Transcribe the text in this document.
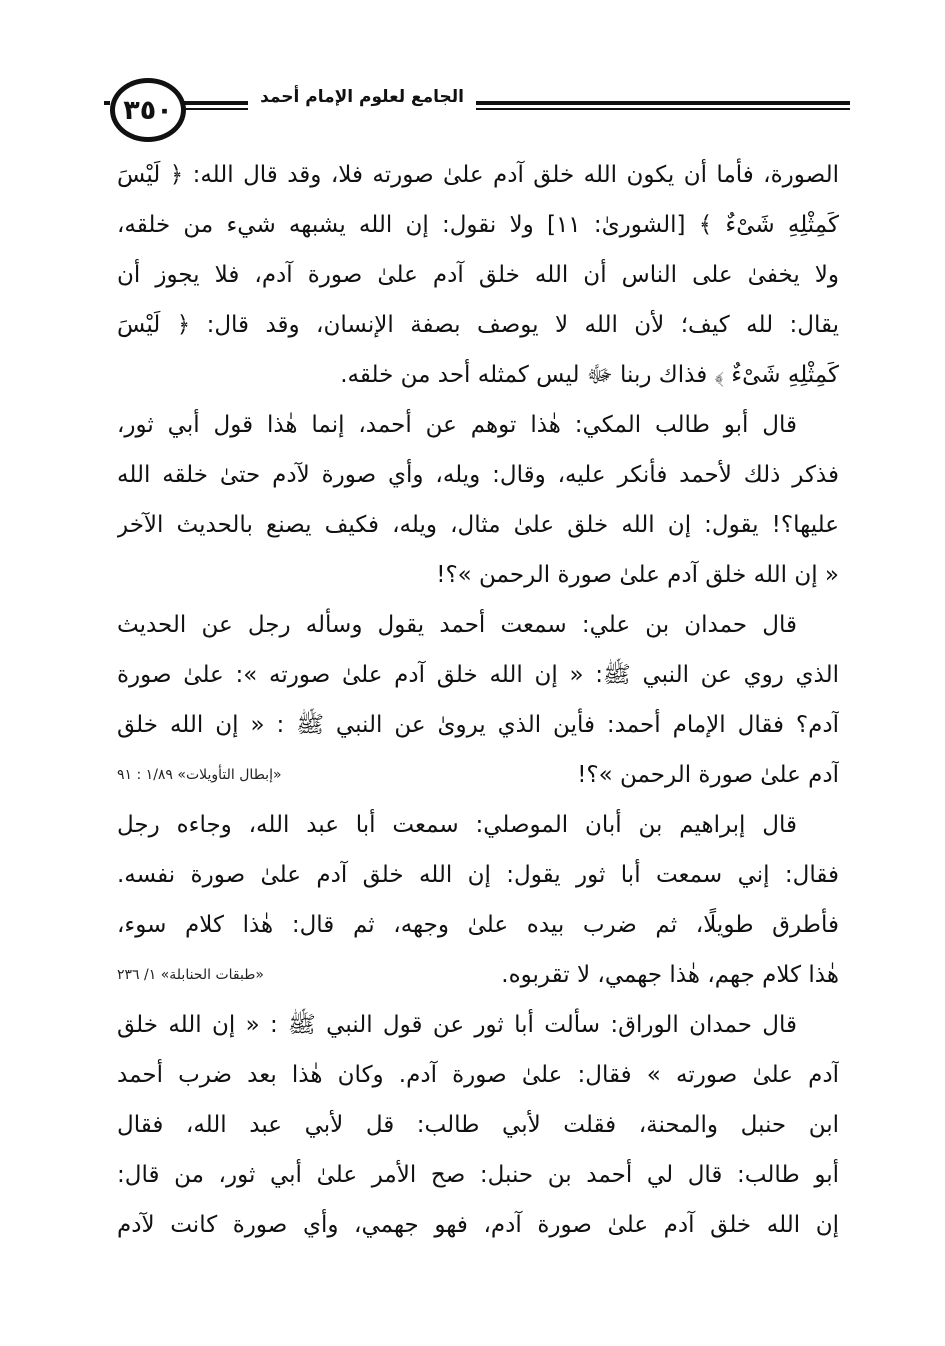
٣٥٠	الجامع لعلوم الإمام أحمد
الصورة، فأما أن يكون الله خلق آدم علىٰ صورته فلا، وقد قال الله: ﴿ لَيْسَ
كَمِثْلِهِ شَىْءٌ ﴾ [الشورىٰ: ١١] ولا نقول: إن الله يشبهه شيء من خلقه،
ولا يخفىٰ على الناس أن الله خلق آدم علىٰ صورة آدم، فلا يجوز أن
يقال: لله كيف؛ لأن الله لا يوصف بصفة الإنسان، وقد قال: ﴿ لَيْسَ
كَمِثْلِهِ شَىْءٌ ﴾ فذاك ربنا ﷻ ليس كمثله أحد من خلقه.
قال أبو طالب المكي: هٰذا توهم عن أحمد، إنما هٰذا قول أبي ثور،
فذكر ذلك لأحمد فأنكر عليه، وقال: ويله، وأي صورة لآدم حتىٰ خلقه الله
عليها؟! يقول: إن الله خلق علىٰ مثال، ويله، فكيف يصنع بالحديث الآخر
« إن الله خلق آدم علىٰ صورة الرحمن »؟!
قال حمدان بن علي: سمعت أحمد يقول وسأله رجل عن الحديث
الذي روي عن النبي ﷺ: « إن الله خلق آدم علىٰ صورته »: علىٰ صورة
آدم؟ فقال الإمام أحمد: فأين الذي يروىٰ عن النبي ﷺ : « إن الله خلق
آدم علىٰ صورة الرحمن »؟!
«إبطال التأويلات» ١/٨٩ : ٩١
قال إبراهيم بن أبان الموصلي: سمعت أبا عبد الله، وجاءه رجل
فقال: إني سمعت أبا ثور يقول: إن الله خلق آدم علىٰ صورة نفسه.
فأطرق طويلًا، ثم ضرب بيده علىٰ وجهه، ثم قال: هٰذا كلام سوء،
هٰذا كلام جهم، هٰذا جهمي، لا تقربوه.
«طبقات الحنابلة» ١/ ٢٣٦
قال حمدان الوراق: سألت أبا ثور عن قول النبي ﷺ : « إن الله خلق
آدم علىٰ صورته » فقال: علىٰ صورة آدم. وكان هٰذا بعد ضرب أحمد
ابن حنبل والمحنة، فقلت لأبي طالب: قل لأبي عبد الله، فقال
أبو طالب: قال لي أحمد بن حنبل: صح الأمر علىٰ أبي ثور، من قال:
إن الله خلق آدم علىٰ صورة آدم، فهو جهمي، وأي صورة كانت لآدم
